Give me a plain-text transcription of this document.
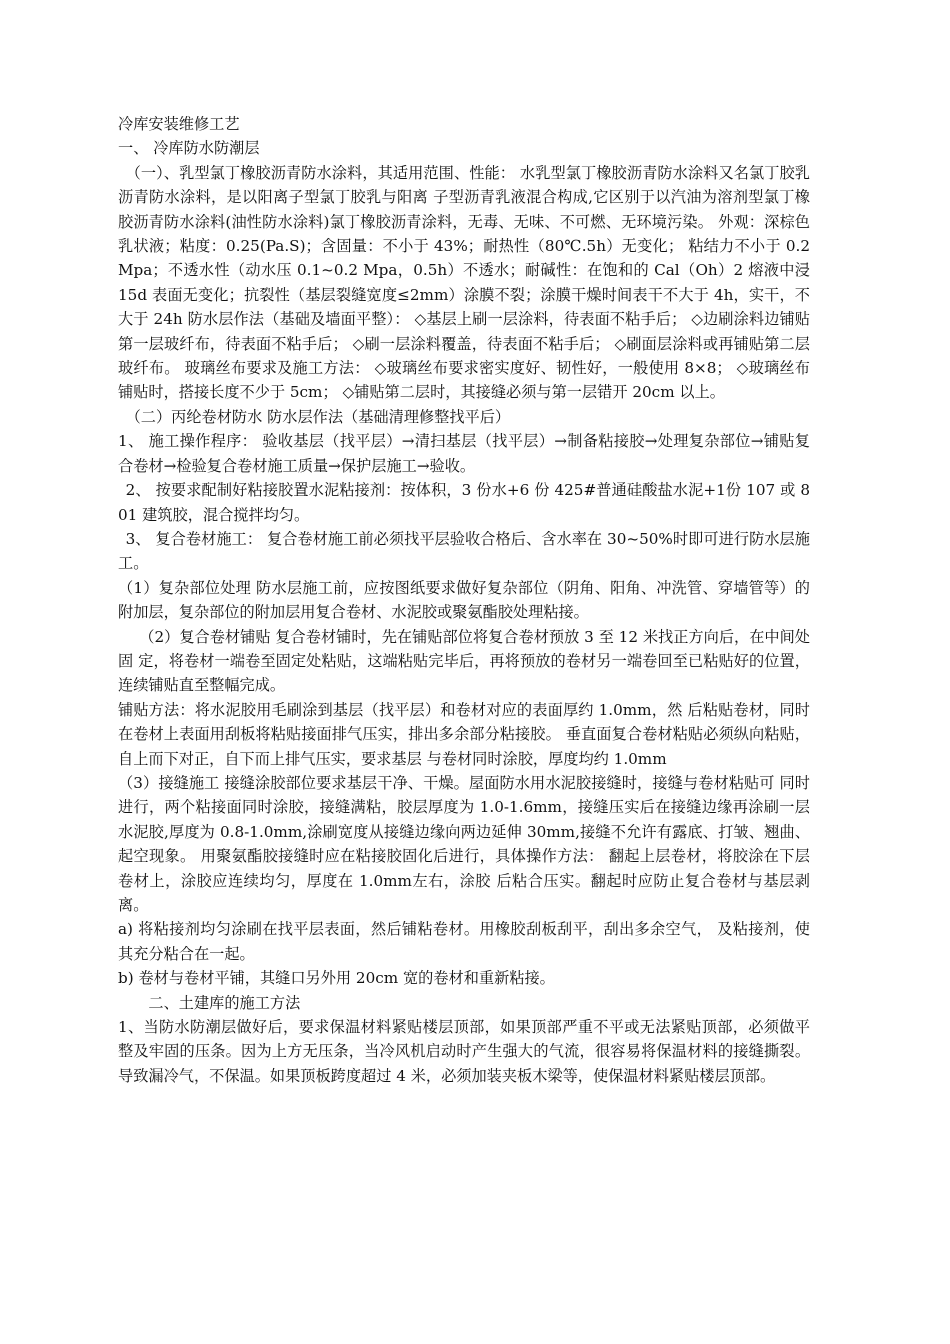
冷库安装维修工艺

一、 冷库防水防潮层

（一）、乳型氯丁橡胶沥青防水涂料，其适用范围、性能： 水乳型氯丁橡胶沥青防水涂料又名氯丁胶乳沥青防水涂料，是以阳离子型氯丁胶乳与阳离 子型沥青乳液混合构成,它区别于以汽油为溶剂型氯丁橡胶沥青防水涂料(油性防水涂料)氯丁橡胶沥青涂料，无毒、无味、不可燃、无环境污染。 外观：深棕色乳状液；粘度：0.25(Pa.S)；含固量：不小于 43%；耐热性（80℃.5h）无变化； 粘结力不小于 0.2Mpa；不透水性（动水压 0.1~0.2 Mpa，0.5h）不透水；耐碱性：在饱和的 Cal（Oh）2 熔液中浸 15d 表面无变化；抗裂性（基层裂缝宽度≤2mm）涂膜不裂；涂膜干燥时间表干不大于 4h，实干，不大于 24h 防水层作法（基础及墙面平整）： ◇基层上刷一层涂料，待表面不粘手后； ◇边刷涂料边铺贴第一层玻纤布，待表面不粘手后； ◇刷一层涂料覆盖，待表面不粘手后； ◇刷面层涂料或再铺贴第二层玻纤布。 玻璃丝布要求及施工方法： ◇玻璃丝布要求密实度好、韧性好，一般使用 8×8； ◇玻璃丝布铺贴时，搭接长度不少于 5cm； ◇铺贴第二层时，其接缝必须与第一层错开 20cm 以上。

（二）丙纶卷材防水 防水层作法（基础清理修整找平后）

1、 施工操作程序： 验收基层（找平层）→清扫基层（找平层）→制备粘接胶→处理复杂部位→铺贴复合卷材→检验复合卷材施工质量→保护层施工→验收。

2、 按要求配制好粘接胶置水泥粘接剂：按体积，3 份水+6 份 425#普通硅酸盐水泥+1份 107 或 801 建筑胶，混合搅拌均匀。

3、 复合卷材施工： 复合卷材施工前必须找平层验收合格后、含水率在 30~50%时即可进行防水层施工。

（1）复杂部位处理 防水层施工前，应按图纸要求做好复杂部位（阴角、阳角、冲洗管、穿墙管等）的 附加层，复杂部位的附加层用复合卷材、水泥胶或聚氨酯胶处理粘接。

（2）复合卷材铺贴 复合卷材铺时，先在铺贴部位将复合卷材预放 3 至 12 米找正方向后，在中间处固 定，将卷材一端卷至固定处粘贴，这端粘贴完毕后，再将预放的卷材另一端卷回至已粘贴好的位置，连续铺贴直至整幅完成。

铺贴方法：将水泥胶用毛刷涂到基层（找平层）和卷材对应的表面厚约 1.0mm，然 后粘贴卷材，同时在卷材上表面用刮板将粘贴接面排气压实，排出多余部分粘接胶。 垂直面复合卷材粘贴必须纵向粘贴，自上而下对正，自下而上排气压实，要求基层 与卷材同时涂胶，厚度均约 1.0mm

（3）接缝施工 接缝涂胶部位要求基层干净、干燥。屋面防水用水泥胶接缝时，接缝与卷材粘贴可 同时进行，两个粘接面同时涂胶，接缝满粘，胶层厚度为 1.0-1.6mm，接缝压实后在接缝边缘再涂刷一层水泥胶,厚度为 0.8-1.0mm,涂刷宽度从接缝边缘向两边延伸 30mm,接缝不允许有露底、打皱、翘曲、起空现象。 用聚氨酯胶接缝时应在粘接胶固化后进行，具体操作方法： 翻起上层卷材，将胶涂在下层卷材上，涂胶应连续均匀，厚度在 1.0mm左右，涂胶 后粘合压实。翻起时应防止复合卷材与基层剥离。

a) 将粘接剂均匀涂刷在找平层表面，然后铺粘卷材。用橡胶刮板刮平，刮出多余空气， 及粘接剂，使其充分粘合在一起。

b) 卷材与卷材平铺，其缝口另外用 20cm 宽的卷材和重新粘接。

二、土建库的施工方法

1、当防水防潮层做好后，要求保温材料紧贴楼层顶部，如果顶部严重不平或无法紧贴顶部，必须做平整及牢固的压条。因为上方无压条，当冷风机启动时产生强大的气流，很容易将保温材料的接缝撕裂。导致漏冷气，不保温。如果顶板跨度超过 4 米，必须加装夹板木梁等，使保温材料紧贴楼层顶部。
